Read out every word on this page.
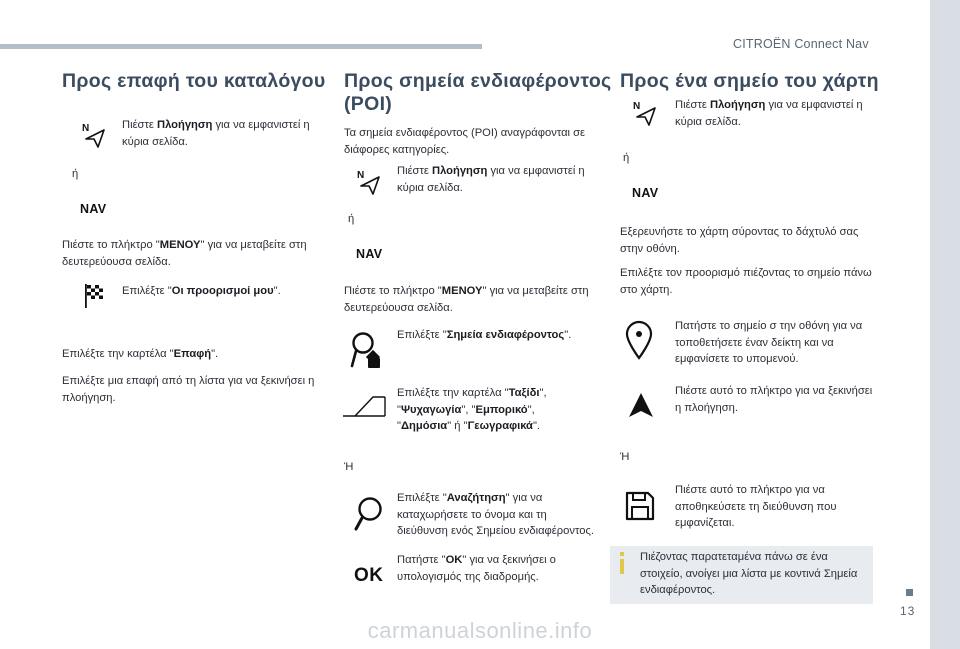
CITROËN Connect Nav
Προς επαφή του καταλόγου
N	Πιέστε Πλοήγηση για να εμφανιστεί η κύρια σελίδα.
ή
NAV
Πιέστε το πλήκτρο "ΜΕΝΟΥ" για να μεταβείτε στη δευτερεύουσα σελίδα.
Επιλέξτε "Οι προορισμοί μου".
Επιλέξτε την καρτέλα "Επαφή".
Επιλέξτε μια επαφή από τη λίστα για να ξεκινήσει η πλοήγηση.
Προς σημεία ενδιαφέροντος
(POI)
Τα σημεία ενδιαφέροντος (POI) αναγράφονται σε διάφορες κατηγορίες.
N	Πιέστε Πλοήγηση για να εμφανιστεί η κύρια σελίδα.
ή
NAV
Πιέστε το πλήκτρο "ΜΕΝΟΥ" για να μεταβείτε στη δευτερεύουσα σελίδα.
Επιλέξτε "Σημεία ενδιαφέροντος".
Επιλέξτε την καρτέλα "Ταξίδι", "Ψυχαγωγία", "Εμπορικό", "Δημόσια" ή "Γεωγραφικά".
Ή
Επιλέξτε "Αναζήτηση" για να καταχωρήσετε το όνομα και τη διεύθυνση ενός Σημείου ενδιαφέροντος.
OK
Πατήστε "OK" για να ξεκινήσει ο υπολογισμός της διαδρομής.
Προς ένα σημείο του χάρτη
N	Πιέστε Πλοήγηση για να εμφανιστεί η κύρια σελίδα.
ή
NAV
Εξερευνήστε το χάρτη σύροντας το δάχτυλό σας στην οθόνη.
Επιλέξτε τον προορισμό πιέζοντας το σημείο πάνω στο χάρτη.
Πατήστε το σημείο σ την οθόνη για να τοποθετήσετε έναν δείκτη και να εμφανίσετε το υπομενού.
Πιέστε αυτό το πλήκτρο για να ξεκινήσει η πλοήγηση.
Ή
Πιέστε αυτό το πλήκτρο για να αποθηκεύσετε τη διεύθυνση που εμφανίζεται.
Πιέζοντας παρατεταμένα πάνω σε ένα στοιχείο, ανοίγει μια λίστα με κοντινά Σημεία ενδιαφέροντος.
13
carmanualsonline.info
